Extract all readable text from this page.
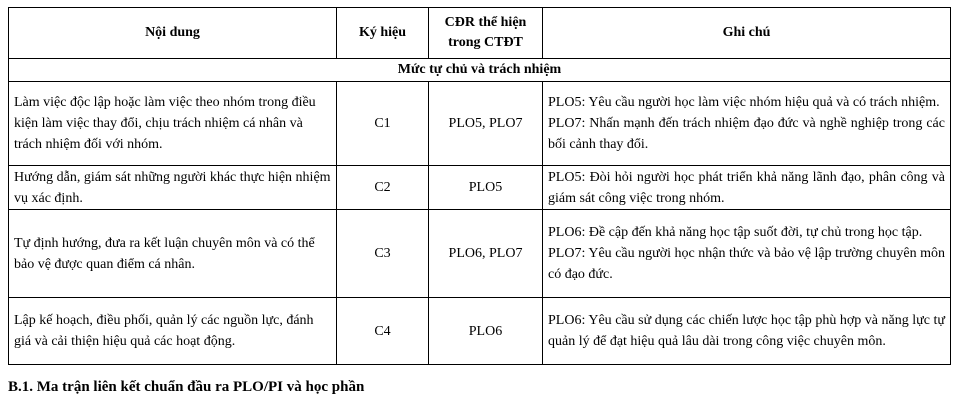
Nội dung	Ký hiệu	CĐR thể hiện trong CTĐT	Ghi chú
Mức tự chủ và trách nhiệm			
Làm việc độc lập hoặc làm việc theo nhóm trong điều kiện làm việc thay đổi, chịu trách nhiệm cá nhân và trách nhiệm đối với nhóm.	C1	PLO5, PLO7	PLO5: Yêu cầu người học làm việc nhóm hiệu quả và có trách nhiệm.

PLO7: Nhấn mạnh đến trách nhiệm đạo đức và nghề nghiệp trong các bối cảnh thay đổi.

Hướng dẫn, giám sát những người khác thực hiện nhiệm vụ xác định.	C2	PLO5	PLO5: Đòi hỏi người học phát triển khả năng lãnh đạo, phân công và giám sát công việc trong nhóm.

Tự định hướng, đưa ra kết luận chuyên môn và có thể bảo vệ được quan điểm cá nhân.	C3	PLO6, PLO7	PLO6: Đề cập đến khả năng học tập suốt đời, tự chủ trong học tập.

PLO7: Yêu cầu người học nhận thức và bảo vệ lập trường chuyên môn có đạo đức.

Lập kế hoạch, điều phối, quản lý các nguồn lực, đánh giá và cải thiện hiệu quả các hoạt động.	C4	PLO6	PLO6: Yêu cầu sử dụng các chiến lược học tập phù hợp và năng lực tự quản lý để đạt hiệu quả lâu dài trong công việc chuyên môn.

B.1. Ma trận liên kết chuẩn đầu ra PLO/PI và học phần
